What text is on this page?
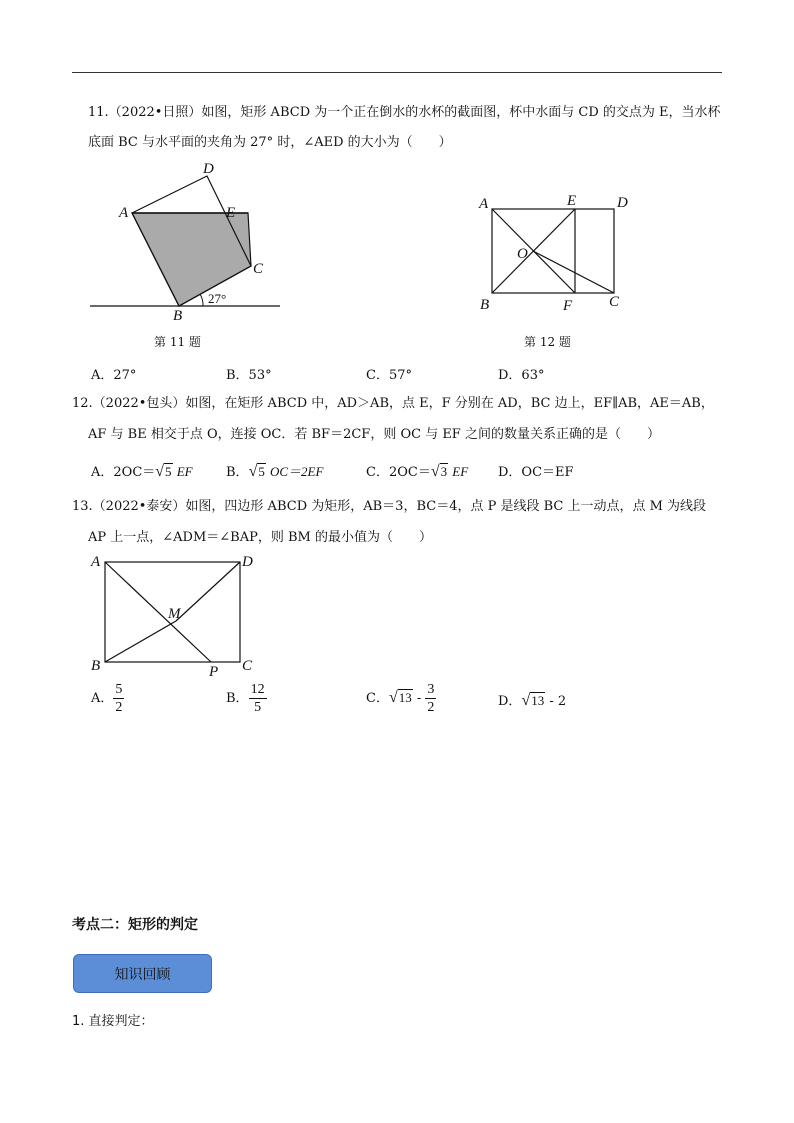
11.（2022•日照）如图，矩形 ABCD 为一个正在倒水的水杯的截面图，杯中水面与 CD 的交点为 E，当水杯
底面 BC 与水平面的夹角为 27° 时，∠AED 的大小为（　　）
A
D
E
C
B
27°
第 11 题
A	E	D
O
B	F C
第 12 题
A．27°	B．53°	C．57°	D．63°
12.（2022•包头）如图，在矩形 ABCD 中，AD＞AB，点 E，F 分别在 AD，BC 边上，EF∥AB，AE＝AB，
AF 与 BE 相交于点 O，连接 OC．若 BF＝2CF，则 OC 与 EF 之间的数量关系正确的是（　　）
A．2OC＝√5 EF	B．√5 OC＝2EF	C．2OC＝√3 EF D．OC＝EF
13.（2022•泰安）如图，四边形 ABCD 为矩形，AB＝3，BC＝4，点 P 是线段 BC 上一动点，点 M 为线段
AP 上一点，∠ADM＝∠BAP，则 BM 的最小值为（　　）
A	D
M
B	P C
A． $\frac{5}{2}$	B． $\frac{12}{5}$	C．$√13 - \frac{3}{2}$	D．√13 - 2
考点二：矩形的判定
知识回顾
1. 直接判定：
